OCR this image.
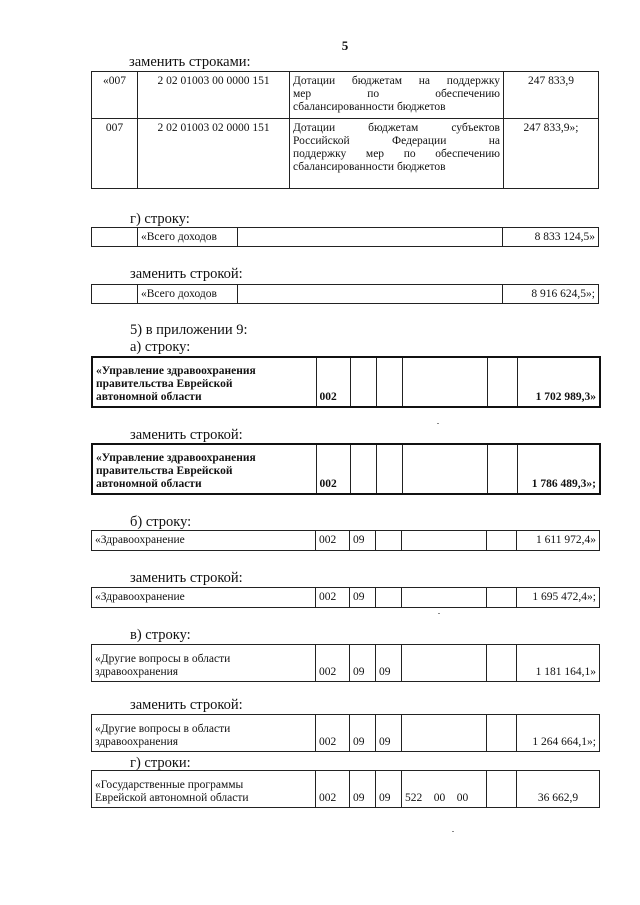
5
заменить строками:
«007	2 02 01003 00 0000 151	Дотации бюджетам на поддержку
мер по обеспечению
сбалансированности бюджетов	247 833,9
007	2 02 01003 02 0000 151	Дотации бюджетам субъектов
Российской Федерации на
поддержку мер по обеспечению
сбалансированности бюджетов	247 833,9»;
г) строку:
	«Всего доходов		8 833 124,5»
заменить строкой:
	«Всего доходов		8 916 624,5»;
5) в приложении 9:
а) строку:
«Управление здравоохранения
правительства Еврейской
автономной области	002					1 702 989,3»
заменить строкой:
«Управление здравоохранения
правительства Еврейской
автономной области	002					1 786 489,3»;
б) строку:
«Здравоохранение	002	09				1 611 972,4»
заменить строкой:
«Здравоохранение	002	09				1 695 472,4»;
в) строку:
«Другие вопросы в области
здравоохранения	002	09	09			1 181 164,1»
заменить строкой:
«Другие вопросы в области
здравоохранения	002	09	09			1 264 664,1»;
г) строки:
«Государственные программы
Еврейской автономной области	002	09	09	522    00    00		36 662,9
